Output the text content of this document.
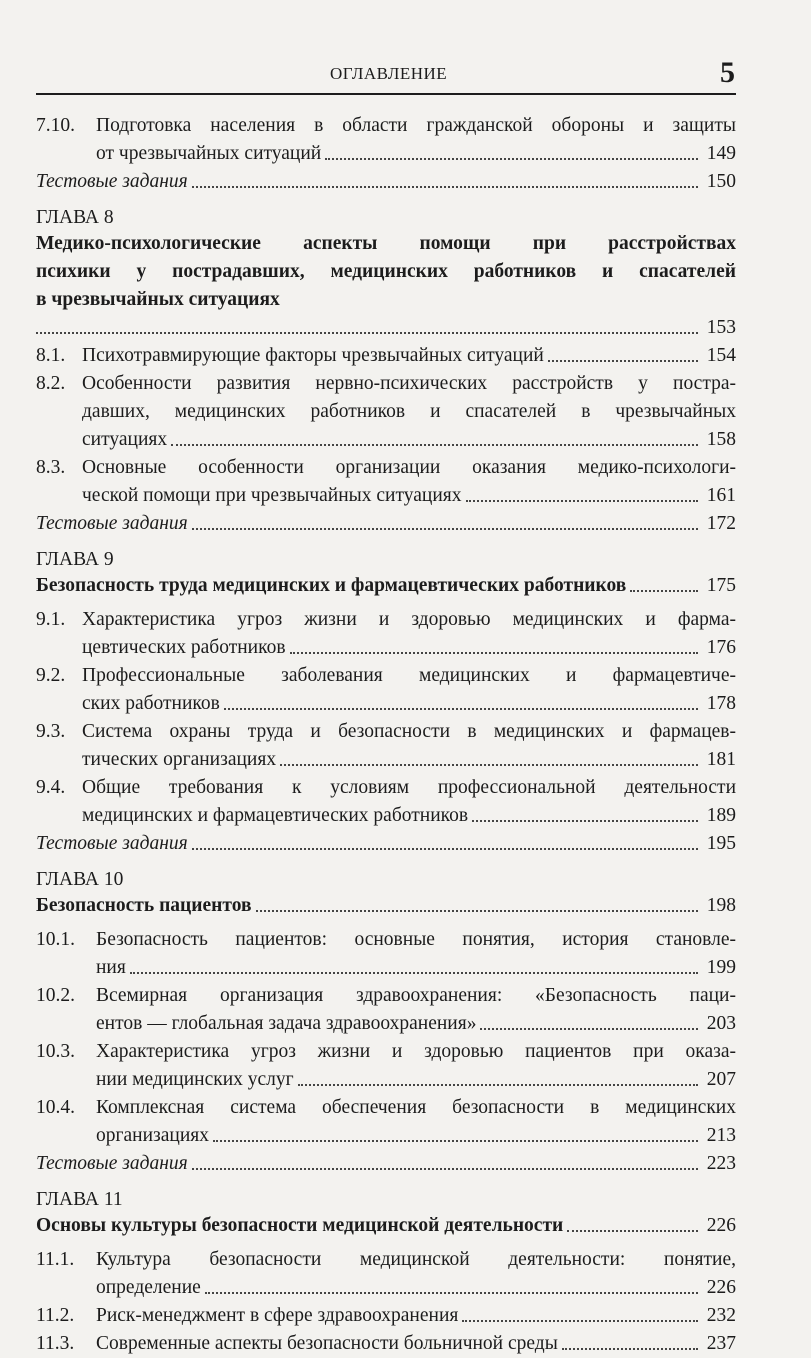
ОГЛАВЛЕНИЕ	5
7.10.	Подготовка населения в области гражданской обороны и защиты
от чрезвычайных ситуаций	149
Тестовые задания	150
ГЛАВА 8
Медико-психологические аспекты помощи при расстройствах
психики у пострадавших, медицинских работников и спасателей
в чрезвычайных ситуациях
153
8.1. Психотравмирующие факторы чрезвычайных ситуаций	154
8.2. Особенности развития нервно-психических расстройств у постра-
давших, медицинских работников и спасателей в чрезвычайных
ситуациях	158
8.3. Основные особенности организации оказания медико-психологи-
ческой помощи при чрезвычайных ситуациях	161
Тестовые задания	172
ГЛАВА 9
Безопасность труда медицинских и фармацевтических работников	175
9.1. Характеристика угроз жизни и здоровью медицинских и фарма-
цевтических работников	176
9.2. Профессиональные заболевания медицинских и фармацевтиче-
ских работников	178
9.3. Система охраны труда и безопасности в медицинских и фармацев-
тических организациях	181
9.4. Общие требования к условиям профессиональной деятельности
медицинских и фармацевтических работников	189
Тестовые задания	195
ГЛАВА 10
Безопасность пациентов	198
10.1.	Безопасность пациентов: основные понятия, история становле-
ния	199
10.2.	Всемирная организация здравоохранения: «Безопасность паци-
ентов — глобальная задача здравоохранения»	203
10.3.	Характеристика угроз жизни и здоровью пациентов при оказа-
нии медицинских услуг	207
10.4.	Комплексная система обеспечения безопасности в медицинских
организациях	213
Тестовые задания	223
ГЛАВА 11
Основы культуры безопасности медицинской деятельности	226
11.1.	Культура безопасности медицинской деятельности: понятие,
определение	226
11.2.	Риск-менеджмент в сфере здравоохранения	232
11.3.	Современные аспекты безопасности больничной среды	237
